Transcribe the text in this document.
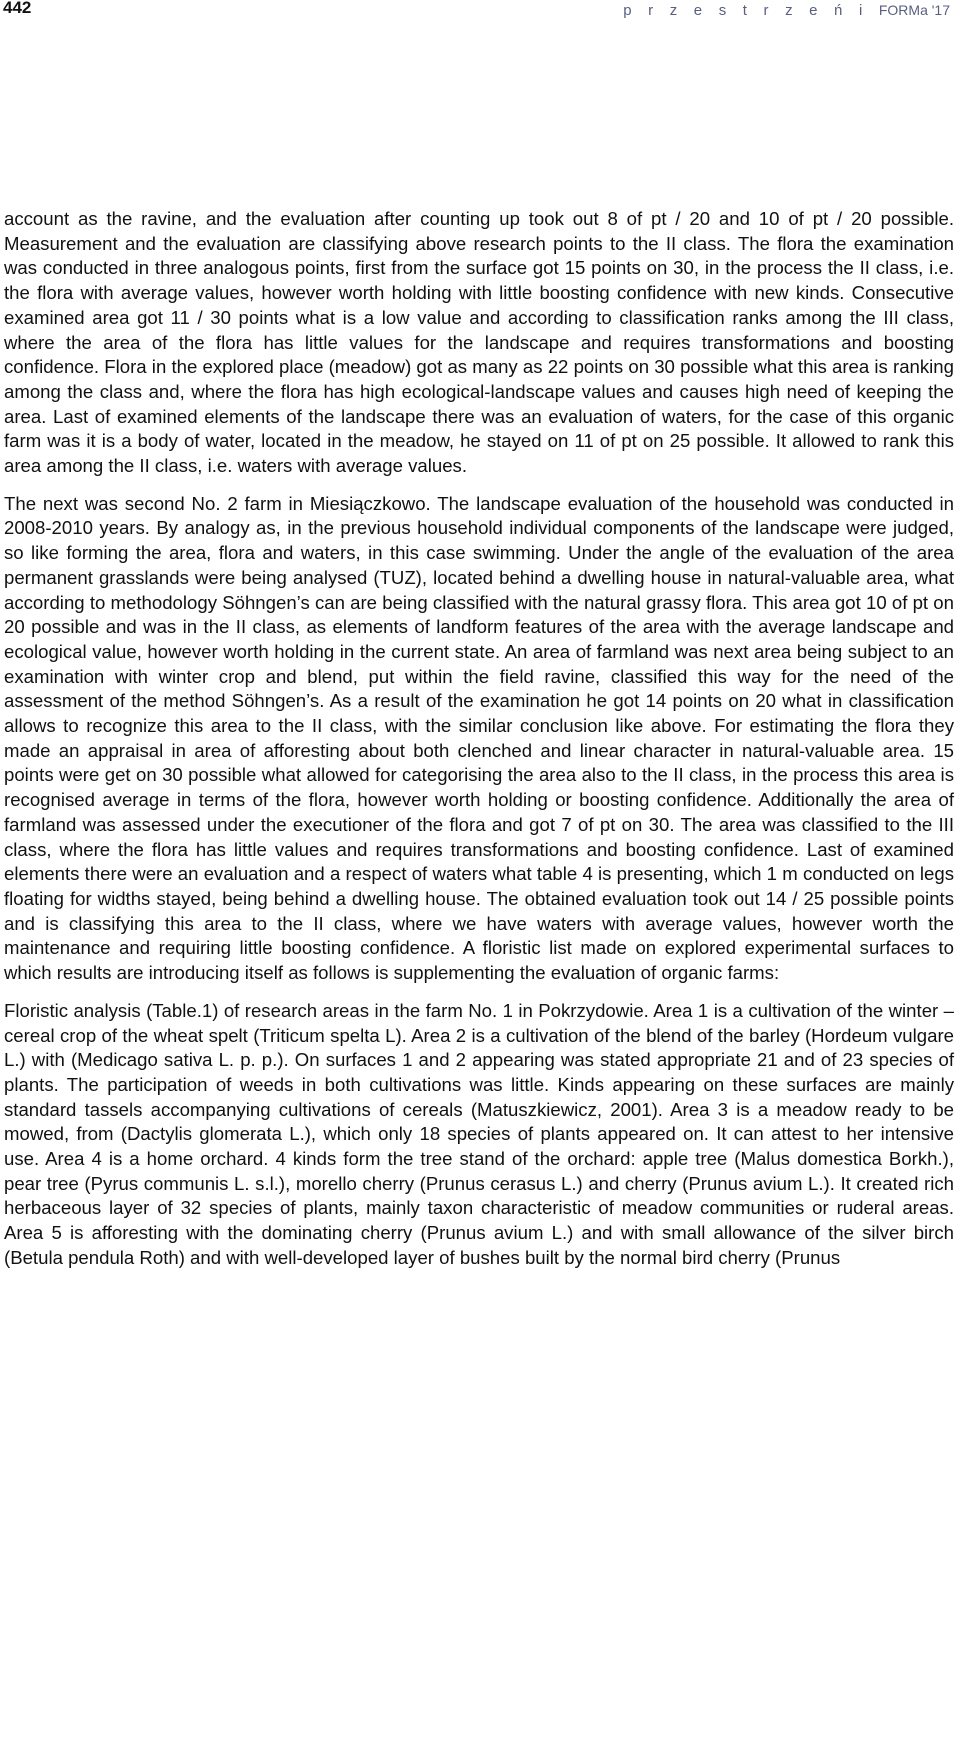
442	p r z e s t r z e ń i FORMa '17

account as the ravine, and the evaluation after counting up took out 8 of pt / 20 and 10 of pt / 20 possible. Measurement and the evaluation are classifying above research points to the II class. The flora the examination was conducted in three analogous points, first from the surface got 15 points on 30, in the process the II class, i.e. the flora with average values, however worth holding with little boosting confidence with new kinds. Consecutive examined area got 11 / 30 points what is a low value and according to classification ranks among the III class, where the area of the flora has little values for the landscape and requires transformations and boosting confidence. Flora in the explored place (meadow) got as many as 22 points on 30 possible what this area is ranking among the class and, where the flora has high ecological-landscape values and causes high need of keeping the area. Last of examined elements of the landscape there was an evaluation of waters, for the case of this organic farm was it is a body of water, located in the meadow, he stayed on 11 of pt on 25 possible. It allowed to rank this area among the II class, i.e. waters with average values.

The next was second No. 2 farm in Miesiączkowo. The landscape evaluation of the household was conducted in 2008-2010 years. By analogy as, in the previous household individual components of the landscape were judged, so like forming the area, flora and waters, in this case swimming. Under the angle of the evaluation of the area permanent grasslands were being analysed (TUZ), located behind a dwelling house in natural-valuable area, what according to methodology Söhngen’s can are being classified with the natural grassy flora. This area got 10 of pt on 20 possible and was in the II class, as elements of landform features of the area with the average landscape and ecological value, however worth holding in the current state. An area of farmland was next area being subject to an examination with winter crop and blend, put within the field ravine, classified this way for the need of the assessment of the method Söhngen’s. As a result of the examination he got 14 points on 20 what in classification allows to recognize this area to the II class, with the similar conclusion like above. For estimating the flora they made an appraisal in area of afforesting about both clenched and linear character in natural-valuable area. 15 points were get on 30 possible what allowed for categorising the area also to the II class, in the process this area is recognised average in terms of the flora, however worth holding or boosting confidence. Additionally the area of farmland was assessed under the executioner of the flora and got 7 of pt on 30. The area was classified to the III class, where the flora has little values and requires transformations and boosting confidence. Last of examined elements there were an evaluation and a respect of waters what table 4 is presenting, which 1 m conducted on legs floating for widths stayed, being behind a dwelling house. The obtained evaluation took out 14 / 25 possible points and is classifying this area to the II class, where we have waters with average values, however worth the maintenance and requiring little boosting confidence. A floristic list made on explored experimental surfaces to which results are introducing itself as follows is supplementing the evaluation of organic farms:

Floristic analysis (Table.1) of research areas in the farm No. 1 in Pokrzydowie. Area 1 is a cultivation of the winter – cereal crop of the wheat spelt (Triticum spelta L). Area 2 is a cultivation of the blend of the barley (Hordeum vulgare L.) with (Medicago sativa L. p. p.). On surfaces 1 and 2 appearing was stated appropriate 21 and of 23 species of plants. The participation of weeds in both cultivations was little. Kinds appearing on these surfaces are mainly standard tassels accompanying cultivations of cereals (Matuszkiewicz, 2001). Area 3 is a meadow ready to be mowed, from (Dactylis glomerata L.), which only 18 species of plants appeared on. It can attest to her intensive use. Area 4 is a home orchard. 4 kinds form the tree stand of the orchard: apple tree (Malus domestica Borkh.), pear tree (Pyrus communis L. s.l.), morello cherry (Prunus cerasus L.) and cherry (Prunus avium L.). It created rich herbaceous layer of 32 species of plants, mainly taxon characteristic of meadow communities or ruderal areas. Area 5 is afforesting with the dominating cherry (Prunus avium L.) and with small allowance of the silver birch (Betula pendula Roth) and with well-developed layer of bushes built by the normal bird cherry (Prunus
